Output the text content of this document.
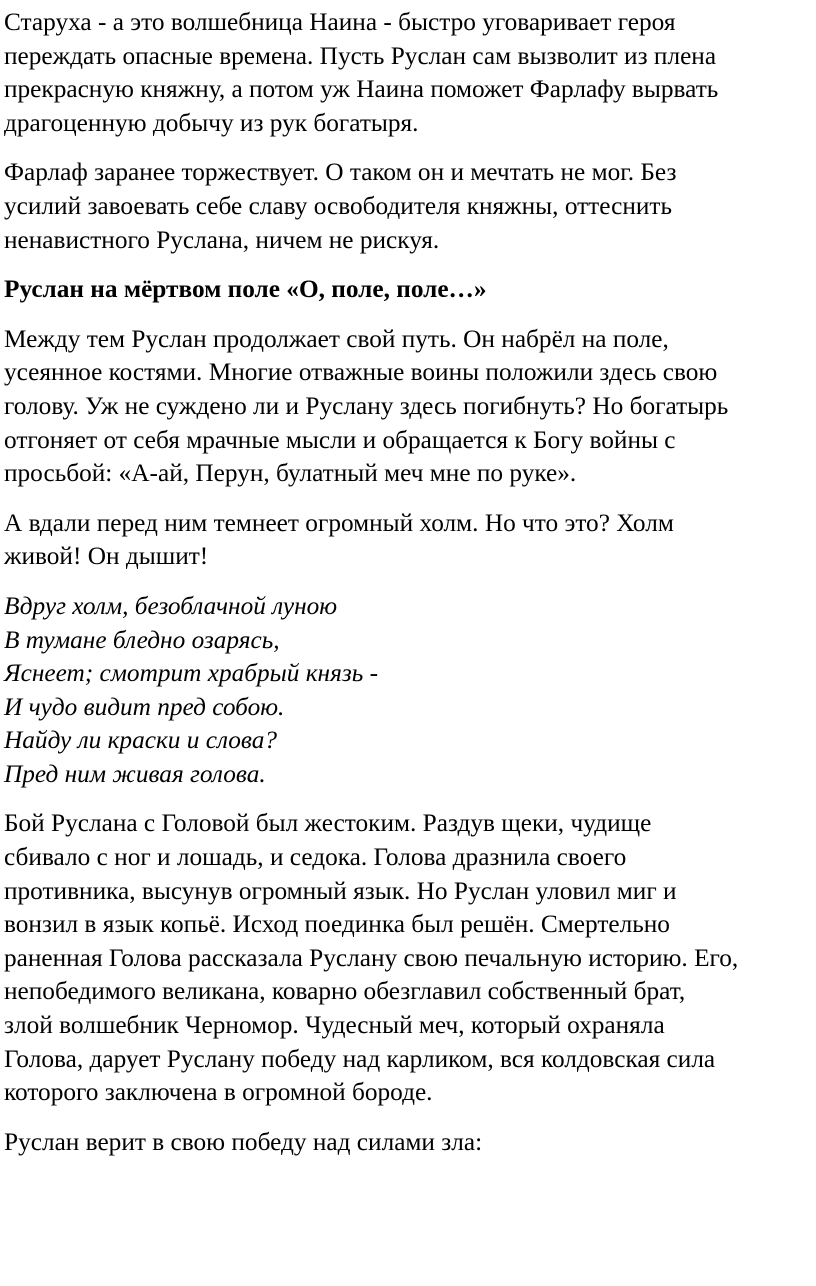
Старуха - а это волшебница Наина - быстро уговаривает героя
переждать опасные времена. Пусть Руслан сам вызволит из плена
прекрасную княжну, а потом уж Наина поможет Фарлафу вырвать
драгоценную добычу из рук богатыря.

Фарлаф заранее торжествует. О таком он и мечтать не мог. Без
усилий завоевать себе славу освободителя княжны, оттеснить
ненавистного Руслана, ничем не рискуя.

Руслан на мёртвом поле «О, поле, поле…»

Между тем Руслан продолжает свой путь. Он набрёл на поле,
усеянное костями. Многие отважные воины положили здесь свою
голову. Уж не суждено ли и Руслану здесь погибнуть? Но богатырь
отгоняет от себя мрачные мысли и обращается к Богу войны с
просьбой: «А-ай, Перун, булатный меч мне по руке».

А вдали перед ним темнеет огромный холм. Но что это? Холм
живой! Он дышит!

Вдруг холм, безоблачной луною
В тумане бледно озарясь,
Яснеет; смотрит храбрый князь -
И чудо видит пред собою.
Найду ли краски и слова?
Пред ним живая голова.

Бой Руслана с Головой был жестоким. Раздув щеки, чудище
сбивало с ног и лошадь, и седока. Голова дразнила своего
противника, высунув огромный язык. Но Руслан уловил миг и
вонзил в язык копьё. Исход поединка был решён. Смертельно
раненная Голова рассказала Руслану свою печальную историю. Его,
непобедимого великана, коварно обезглавил собственный брат,
злой волшебник Черномор. Чудесный меч, который охраняла
Голова, дарует Руслану победу над карликом, вся колдовская сила
которого заключена в огромной бороде.

Руслан верит в свою победу над силами зла:
